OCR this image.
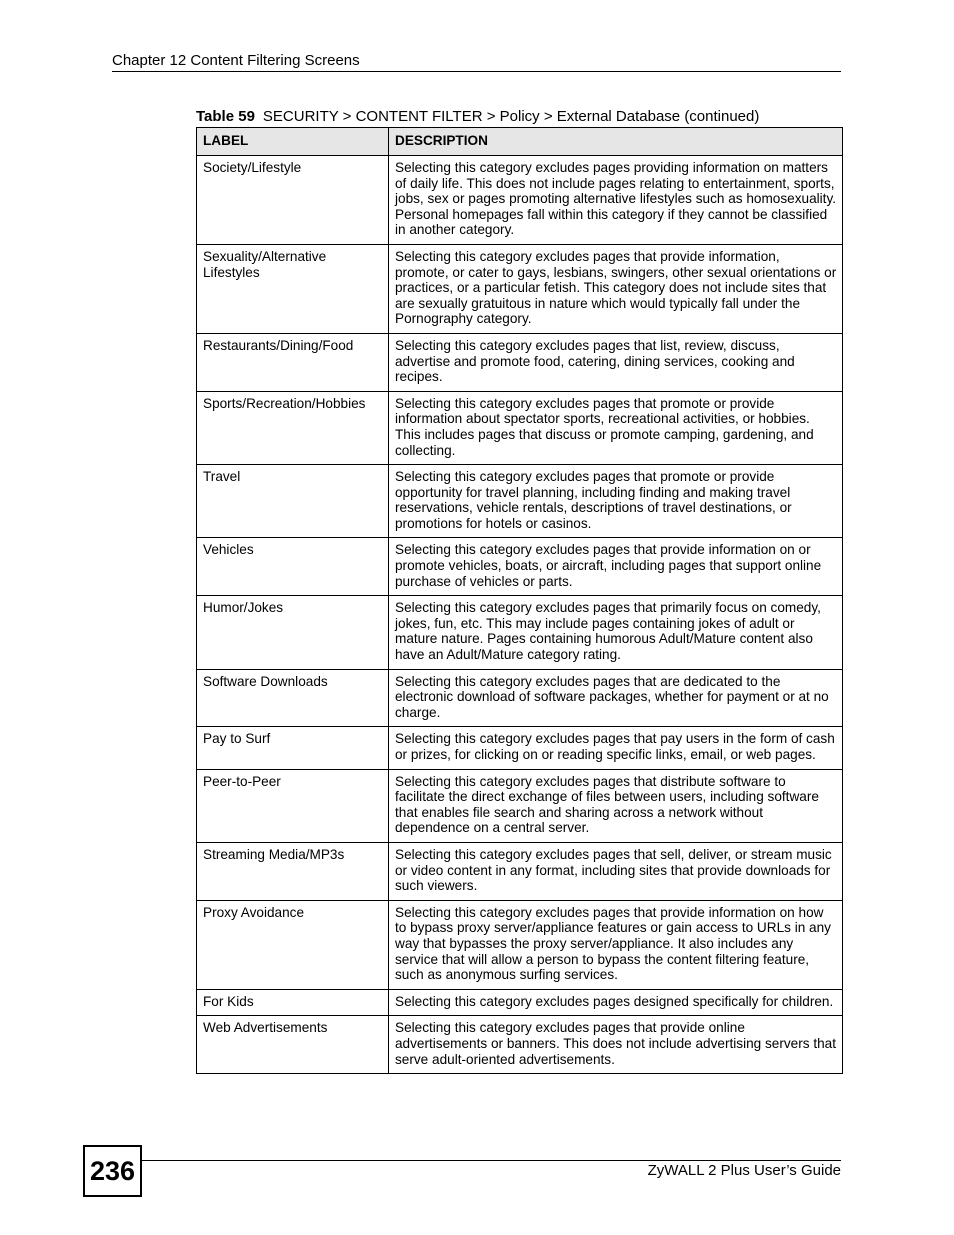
Chapter 12 Content Filtering Screens
Table 59 SECURITY > CONTENT FILTER > Policy > External Database (continued)
LABEL	DESCRIPTION
Society/Lifestyle	Selecting this category excludes pages providing information on matters of daily life. This does not include pages relating to entertainment, sports, jobs, sex or pages promoting alternative lifestyles such as homosexuality. Personal homepages fall within this category if they cannot be classified in another category.
Sexuality/Alternative Lifestyles	Selecting this category excludes pages that provide information, promote, or cater to gays, lesbians, swingers, other sexual orientations or practices, or a particular fetish. This category does not include sites that are sexually gratuitous in nature which would typically fall under the Pornography category.
Restaurants/Dining/Food	Selecting this category excludes pages that list, review, discuss, advertise and promote food, catering, dining services, cooking and recipes.
Sports/Recreation/Hobbies	Selecting this category excludes pages that promote or provide information about spectator sports, recreational activities, or hobbies. This includes pages that discuss or promote camping, gardening, and collecting.
Travel	Selecting this category excludes pages that promote or provide opportunity for travel planning, including finding and making travel reservations, vehicle rentals, descriptions of travel destinations, or promotions for hotels or casinos.
Vehicles	Selecting this category excludes pages that provide information on or promote vehicles, boats, or aircraft, including pages that support online purchase of vehicles or parts.
Humor/Jokes	Selecting this category excludes pages that primarily focus on comedy, jokes, fun, etc. This may include pages containing jokes of adult or mature nature. Pages containing humorous Adult/Mature content also have an Adult/Mature category rating.
Software Downloads	Selecting this category excludes pages that are dedicated to the electronic download of software packages, whether for payment or at no charge.
Pay to Surf	Selecting this category excludes pages that pay users in the form of cash or prizes, for clicking on or reading specific links, email, or web pages.
Peer-to-Peer	Selecting this category excludes pages that distribute software to facilitate the direct exchange of files between users, including software that enables file search and sharing across a network without dependence on a central server.
Streaming Media/MP3s	Selecting this category excludes pages that sell, deliver, or stream music or video content in any format, including sites that provide downloads for such viewers.
Proxy Avoidance	Selecting this category excludes pages that provide information on how to bypass proxy server/appliance features or gain access to URLs in any way that bypasses the proxy server/appliance. It also includes any service that will allow a person to bypass the content filtering feature, such as anonymous surfing services.
For Kids	Selecting this category excludes pages designed specifically for children.
Web Advertisements	Selecting this category excludes pages that provide online advertisements or banners. This does not include advertising servers that serve adult-oriented advertisements.
236	ZyWALL 2 Plus User’s Guide
